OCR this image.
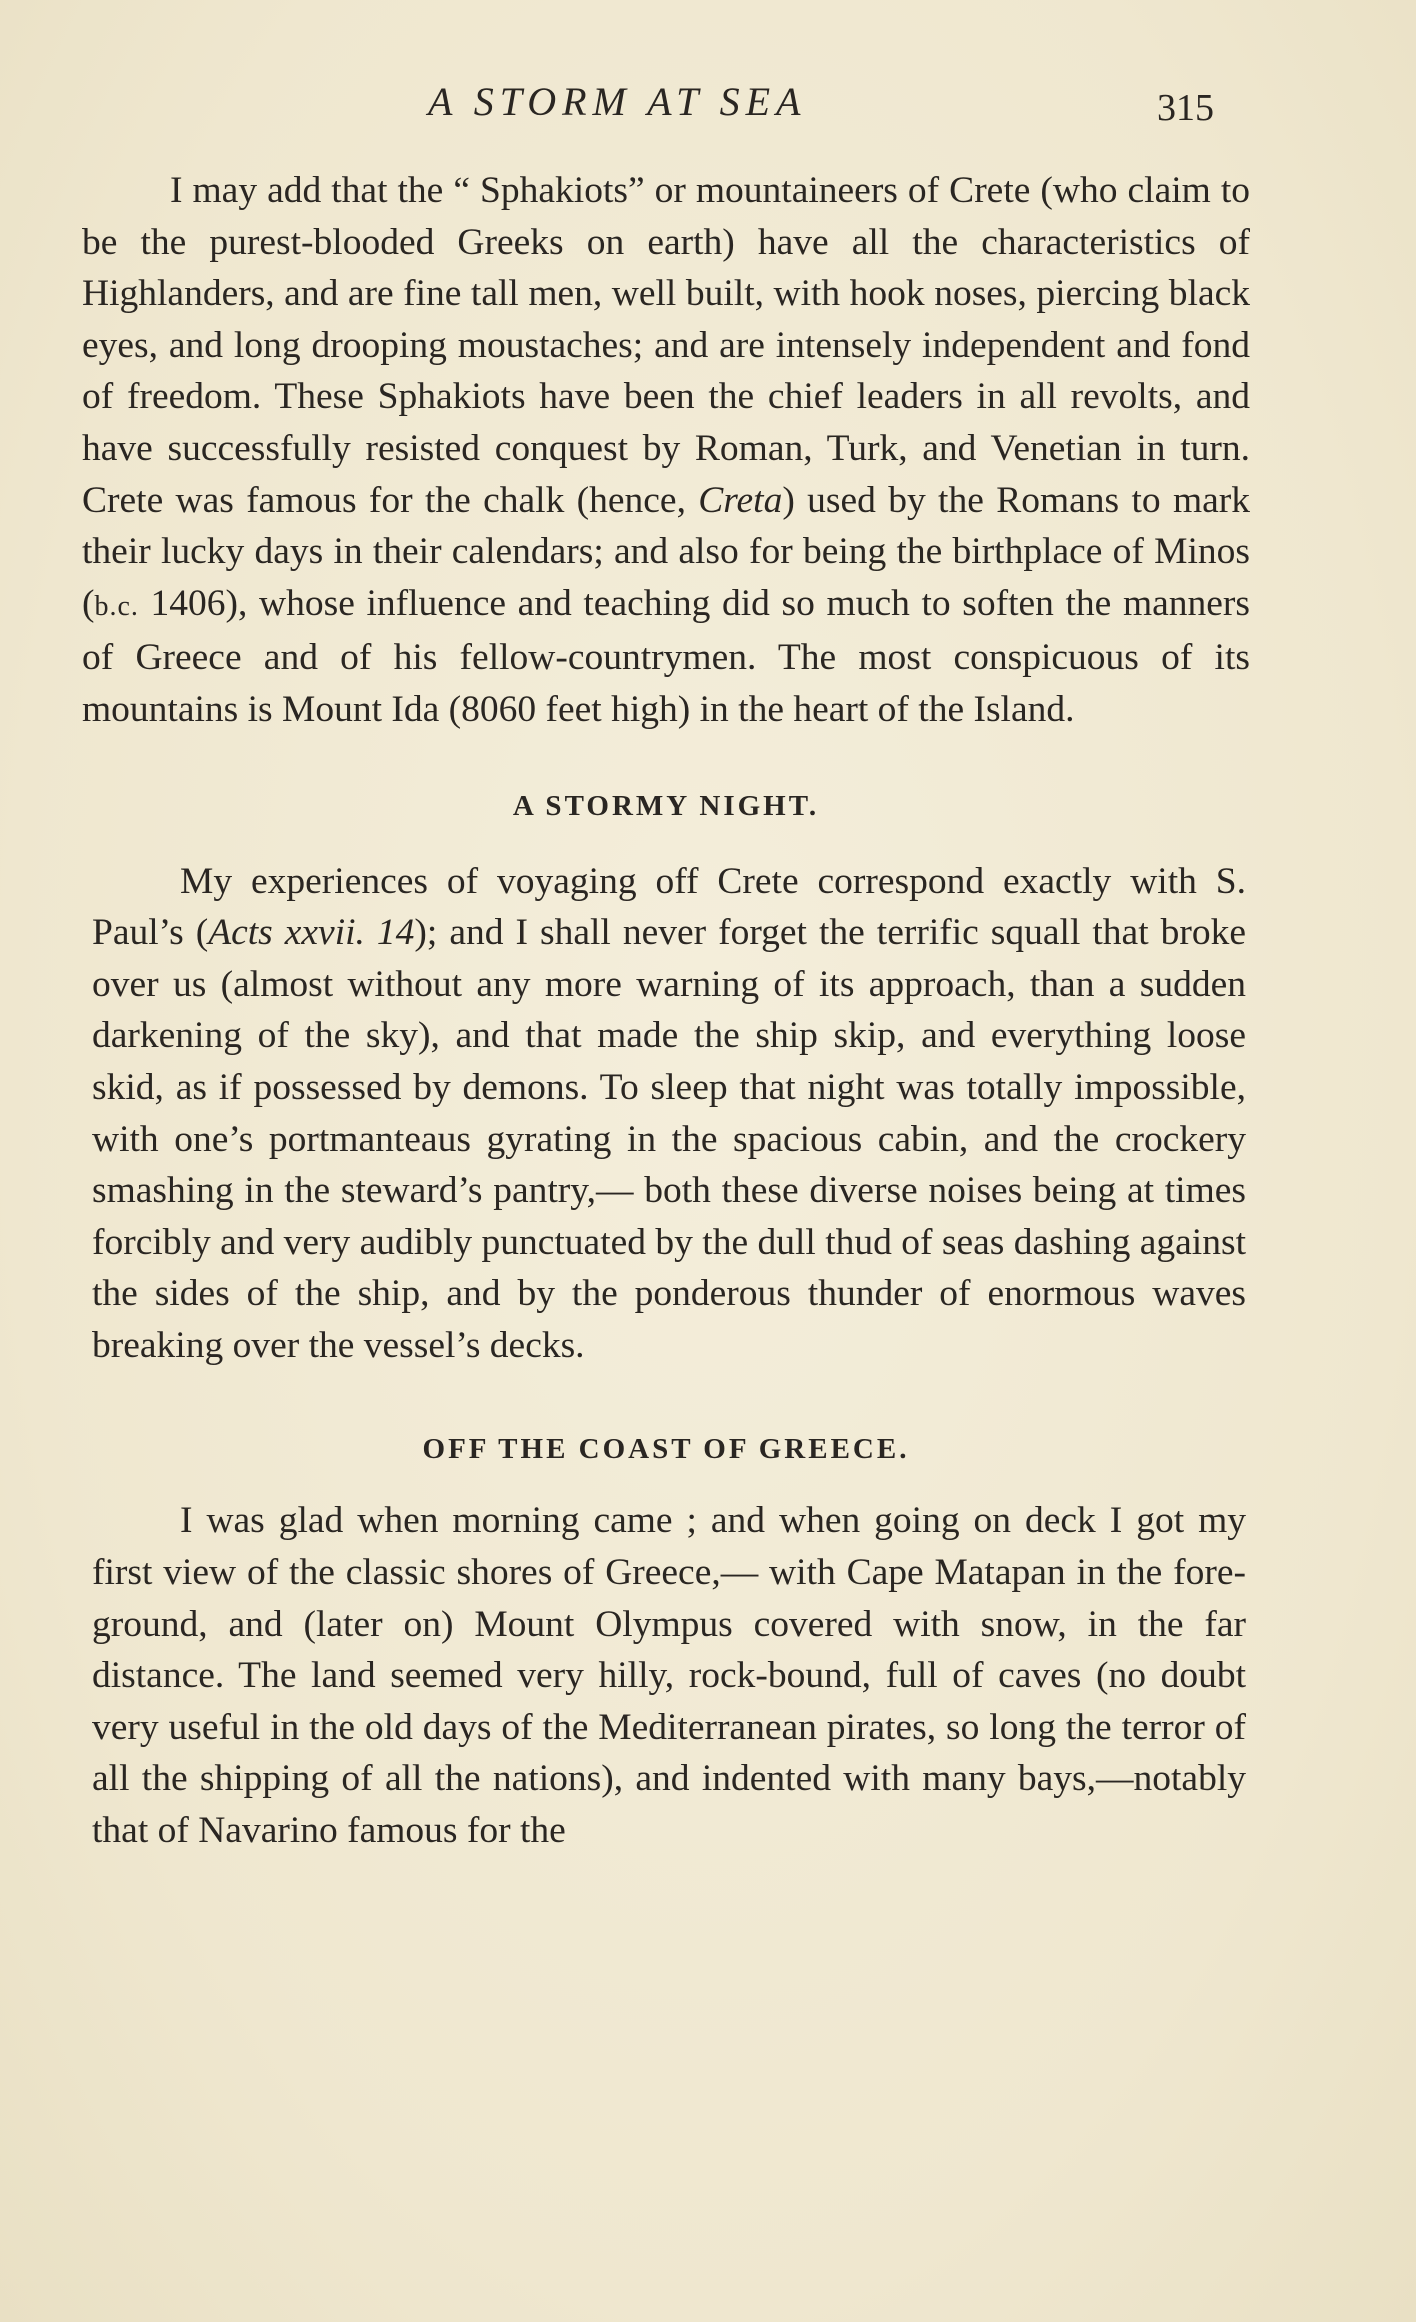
A STORM AT SEA	315

I may add that the “ Sphakiots” or mountaineers of Crete (who claim to be the purest-blooded Greeks on earth) have all the characteristics of Highlanders, and are fine tall men, well built, with hook noses, piercing black eyes, and long drooping moustaches; and are intensely independent and fond of freedom. These Sphakiots have been the chief leaders in all revolts, and have successfully resisted conquest by Roman, Turk, and Venetian in turn. Crete was famous for the chalk (hence, Creta) used by the Romans to mark their lucky days in their calendars; and also for being the birthplace of Minos (b.c. 1406), whose influence and teaching did so much to soften the manners of Greece and of his fellow-countrymen. The most conspicuous of its mountains is Mount Ida (8060 feet high) in the heart of the Island.

A STORMY NIGHT.

My experiences of voyaging off Crete correspond exactly with S. Paul’s (Acts xxvii. 14); and I shall never forget the terrific squall that broke over us (almost without any more warning of its approach, than a sudden darkening of the sky), and that made the ship skip, and everything loose skid, as if possessed by demons. To sleep that night was totally impossible, with one’s portmanteaus gyrating in the spacious cabin, and the crockery smashing in the steward’s pantry,— both these diverse noises being at times forcibly and very audibly punctuated by the dull thud of seas dashing against the sides of the ship, and by the ponderous thunder of enormous waves breaking over the vessel’s decks.

OFF THE COAST OF GREECE.

I was glad when morning came ; and when going on deck I got my first view of the classic shores of Greece,— with Cape Matapan in the fore-ground, and (later on) Mount Olympus covered with snow, in the far distance. The land seemed very hilly, rock-bound, full of caves (no doubt very useful in the old days of the Mediterranean pirates, so long the terror of all the shipping of all the nations), and indented with many bays,—notably that of Navarino famous for the
